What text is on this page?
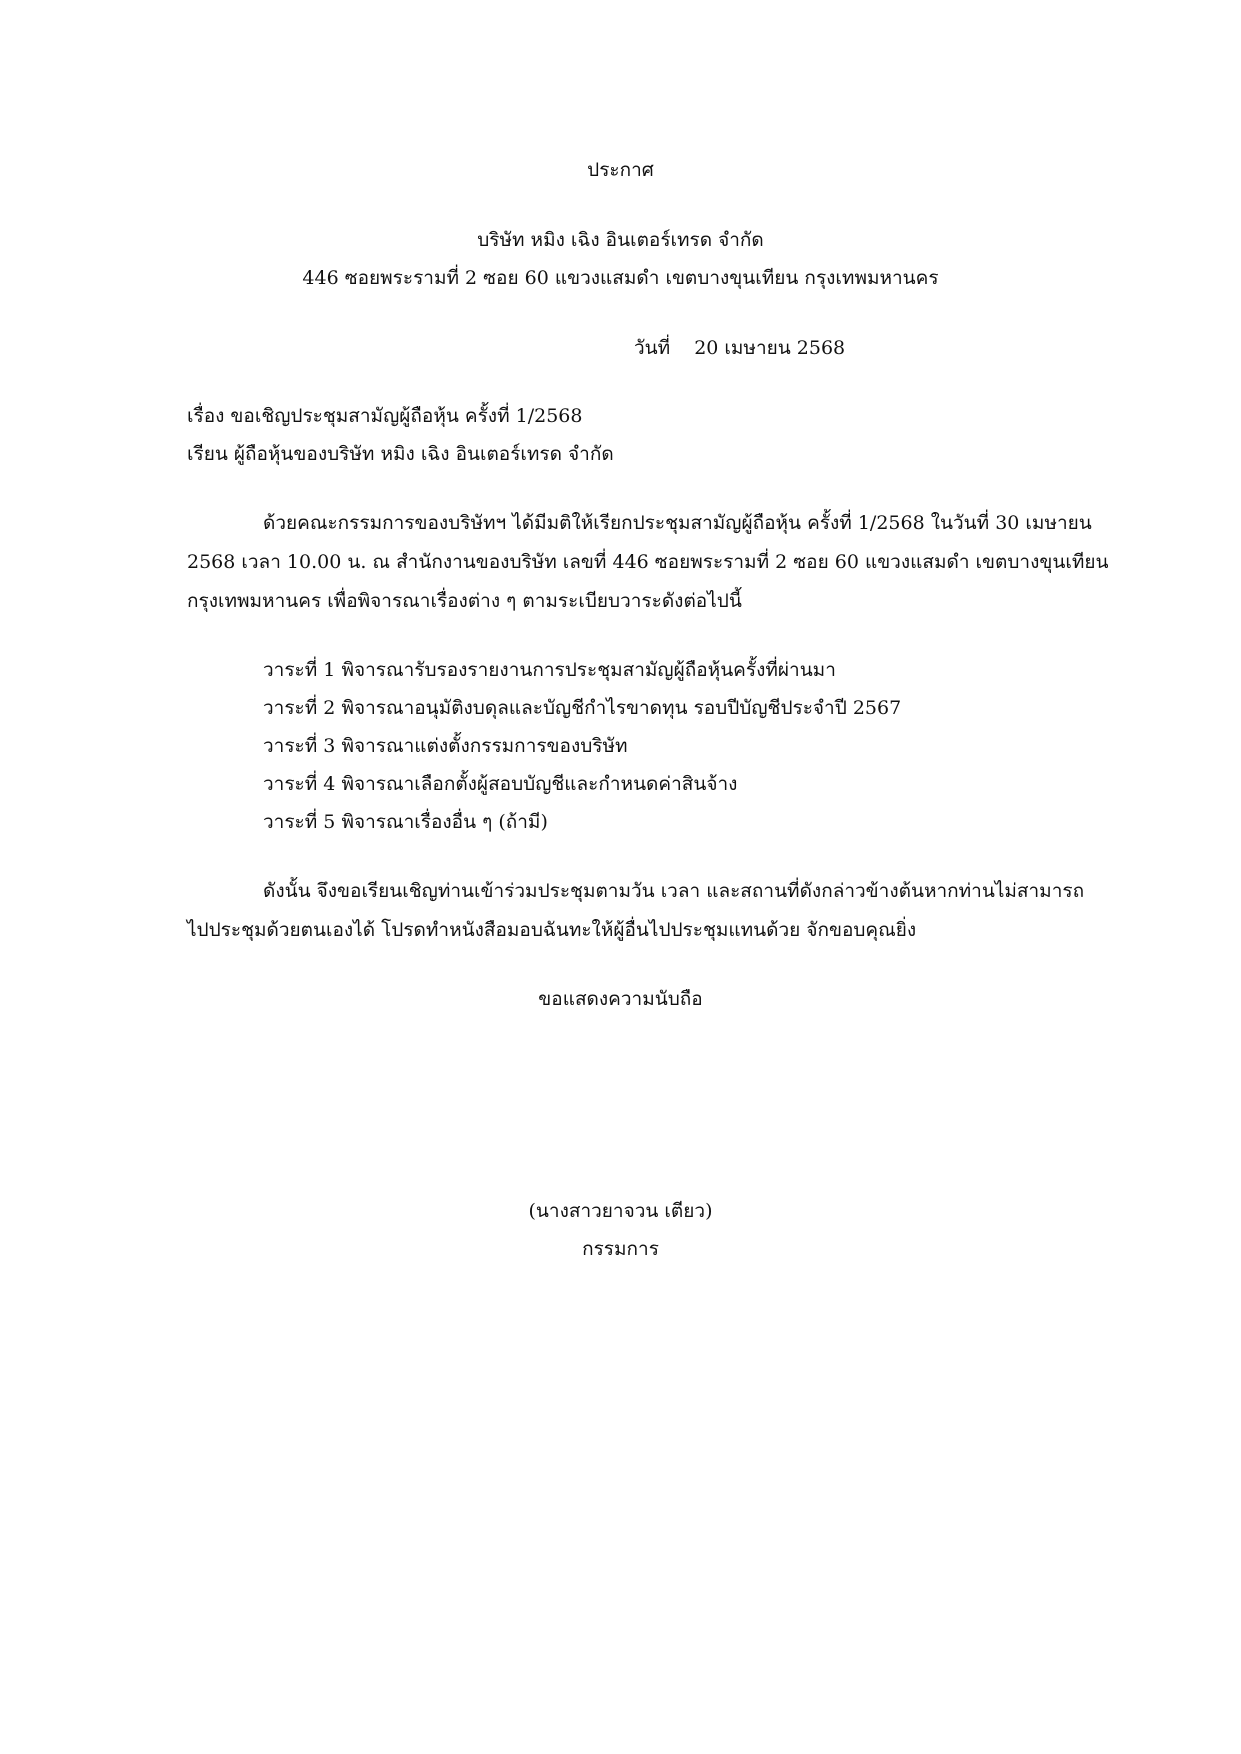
ประกาศ
บริษัท หมิง เฉิง อินเตอร์เทรด จำกัด
446 ซอยพระรามที่ 2 ซอย 60 แขวงแสมดำ เขตบางขุนเทียน กรุงเทพมหานคร
วันที่ 20 เมษายน 2568
เรื่อง ขอเชิญประชุมสามัญผู้ถือหุ้น ครั้งที่ 1/2568
เรียน ผู้ถือหุ้นของบริษัท หมิง เฉิง อินเตอร์เทรด จำกัด
ด้วยคณะกรรมการของบริษัทฯ ได้มีมติให้เรียกประชุมสามัญผู้ถือหุ้น ครั้งที่ 1/2568 ในวันที่ 30 เมษายน
2568 เวลา 10.00 น. ณ สำนักงานของบริษัท เลขที่ 446 ซอยพระรามที่ 2 ซอย 60 แขวงแสมดำ เขตบางขุนเทียน
กรุงเทพมหานคร เพื่อพิจารณาเรื่องต่าง ๆ ตามระเบียบวาระดังต่อไปนี้
วาระที่ 1 พิจารณารับรองรายงานการประชุมสามัญผู้ถือหุ้นครั้งที่ผ่านมา
วาระที่ 2 พิจารณาอนุมัติงบดุลและบัญชีกำไรขาดทุน รอบปีบัญชีประจำปี 2567
วาระที่ 3 พิจารณาแต่งตั้งกรรมการของบริษัท
วาระที่ 4 พิจารณาเลือกตั้งผู้สอบบัญชีและกำหนดค่าสินจ้าง
วาระที่ 5 พิจารณาเรื่องอื่น ๆ (ถ้ามี)
ดังนั้น จึงขอเรียนเชิญท่านเข้าร่วมประชุมตามวัน เวลา และสถานที่ดังกล่าวข้างต้นหากท่านไม่สามารถ
ไปประชุมด้วยตนเองได้ โปรดทำหนังสือมอบฉันทะให้ผู้อื่นไปประชุมแทนด้วย จักขอบคุณยิ่ง
ขอแสดงความนับถือ
(นางสาวยาจวน เตียว)
กรรมการ
